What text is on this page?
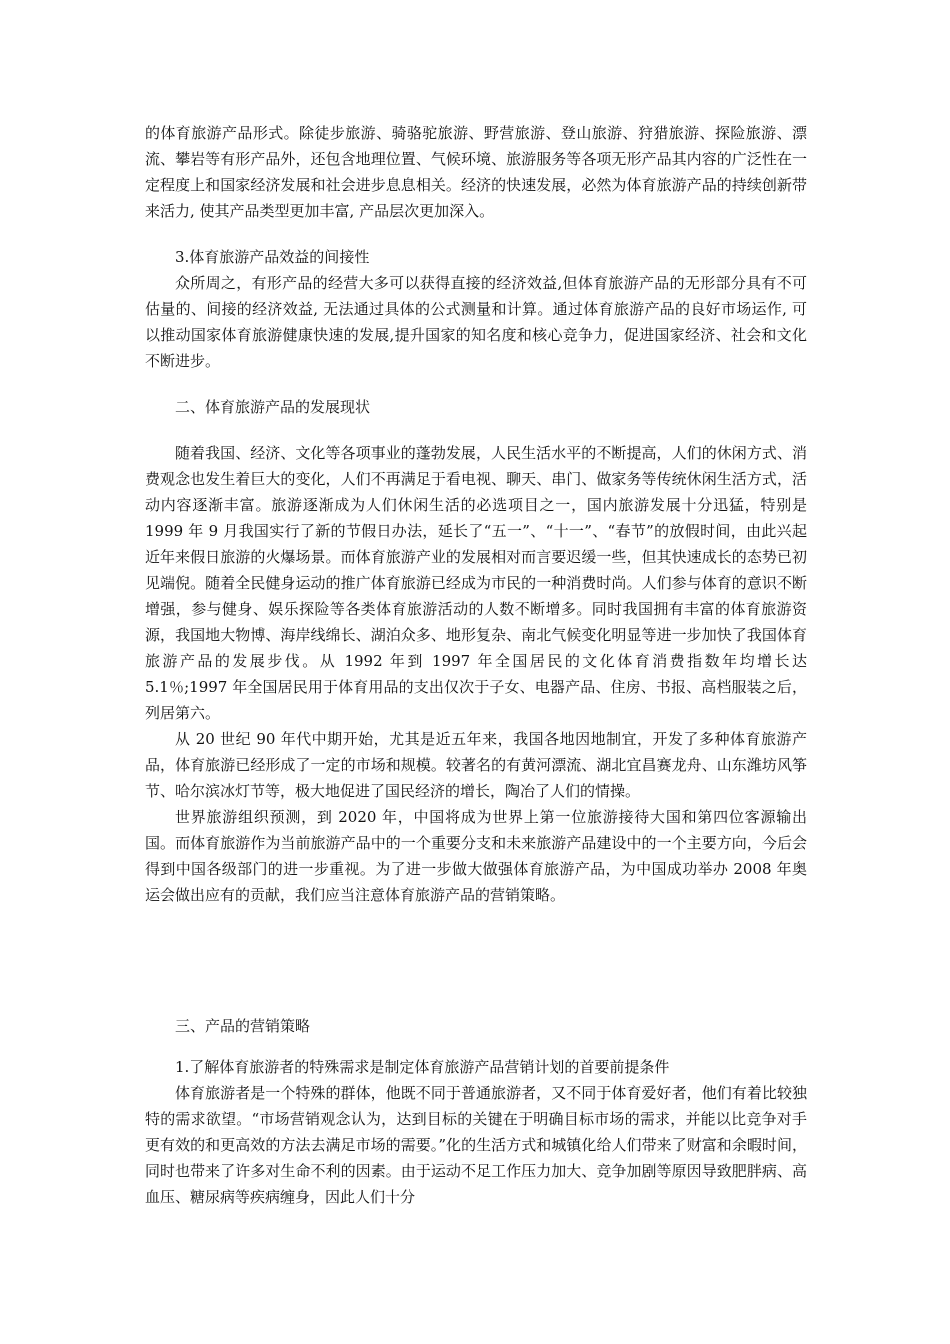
的体育旅游产品形式。除徒步旅游、骑骆驼旅游、野营旅游、登山旅游、狩猎旅游、探险旅游、漂流、攀岩等有形产品外，还包含地理位置、气候环境、旅游服务等各项无形产品其内容的广泛性在一定程度上和国家经济发展和社会进步息息相关。经济的快速发展，必然为体育旅游产品的持续创新带来活力, 使其产品类型更加丰富, 产品层次更加深入。

3.体育旅游产品效益的间接性

众所周之，有形产品的经营大多可以获得直接的经济效益,但体育旅游产品的无形部分具有不可估量的、间接的经济效益, 无法通过具体的公式测量和计算。通过体育旅游产品的良好市场运作, 可以推动国家体育旅游健康快速的发展,提升国家的知名度和核心竞争力，促进国家经济、社会和文化不断进步。

二、体育旅游产品的发展现状

随着我国、经济、文化等各项事业的蓬勃发展，人民生活水平的不断提高，人们的休闲方式、消费观念也发生着巨大的变化，人们不再满足于看电视、聊天、串门、做家务等传统休闲生活方式，活动内容逐渐丰富。旅游逐渐成为人们休闲生活的必选项目之一，国内旅游发展十分迅猛，特别是 1999 年 9 月我国实行了新的节假日办法，延长了“五一”、“十一”、“春节”的放假时间，由此兴起近年来假日旅游的火爆场景。而体育旅游产业的发展相对而言要迟缓一些，但其快速成长的态势已初见端倪。随着全民健身运动的推广体育旅游已经成为市民的一种消费时尚。人们参与体育的意识不断增强，参与健身、娱乐探险等各类体育旅游活动的人数不断增多。同时我国拥有丰富的体育旅游资源，我国地大物博、海岸线绵长、湖泊众多、地形复杂、南北气候变化明显等进一步加快了我国体育旅游产品的发展步伐。从 1992 年到 1997 年全国居民的文化体育消费指数年均增长达 5.1％;1997 年全国居民用于体育用品的支出仅次于子女、电器产品、住房、书报、高档服装之后，列居第六。

从 20 世纪 90 年代中期开始，尤其是近五年来，我国各地因地制宜，开发了多种体育旅游产品，体育旅游已经形成了一定的市场和规模。较著名的有黄河漂流、湖北宜昌赛龙舟、山东潍坊风筝节、哈尔滨冰灯节等，极大地促进了国民经济的增长，陶冶了人们的情操。

世界旅游组织预测，到 2020 年，中国将成为世界上第一位旅游接待大国和第四位客源输出国。而体育旅游作为当前旅游产品中的一个重要分支和未来旅游产品建设中的一个主要方向，今后会得到中国各级部门的进一步重视。为了进一步做大做强体育旅游产品，为中国成功举办 2008 年奥运会做出应有的贡献，我们应当注意体育旅游产品的营销策略。

三、产品的营销策略

1.了解体育旅游者的特殊需求是制定体育旅游产品营销计划的首要前提条件

体育旅游者是一个特殊的群体，他既不同于普通旅游者，又不同于体育爱好者，他们有着比较独特的需求欲望。“市场营销观念认为，达到目标的关键在于明确目标市场的需求，并能以比竞争对手更有效的和更高效的方法去满足市场的需要。”化的生活方式和城镇化给人们带来了财富和余暇时间，同时也带来了许多对生命不利的因素。由于运动不足工作压力加大、竞争加剧等原因导致肥胖病、高血压、糖尿病等疾病缠身，因此人们十分
